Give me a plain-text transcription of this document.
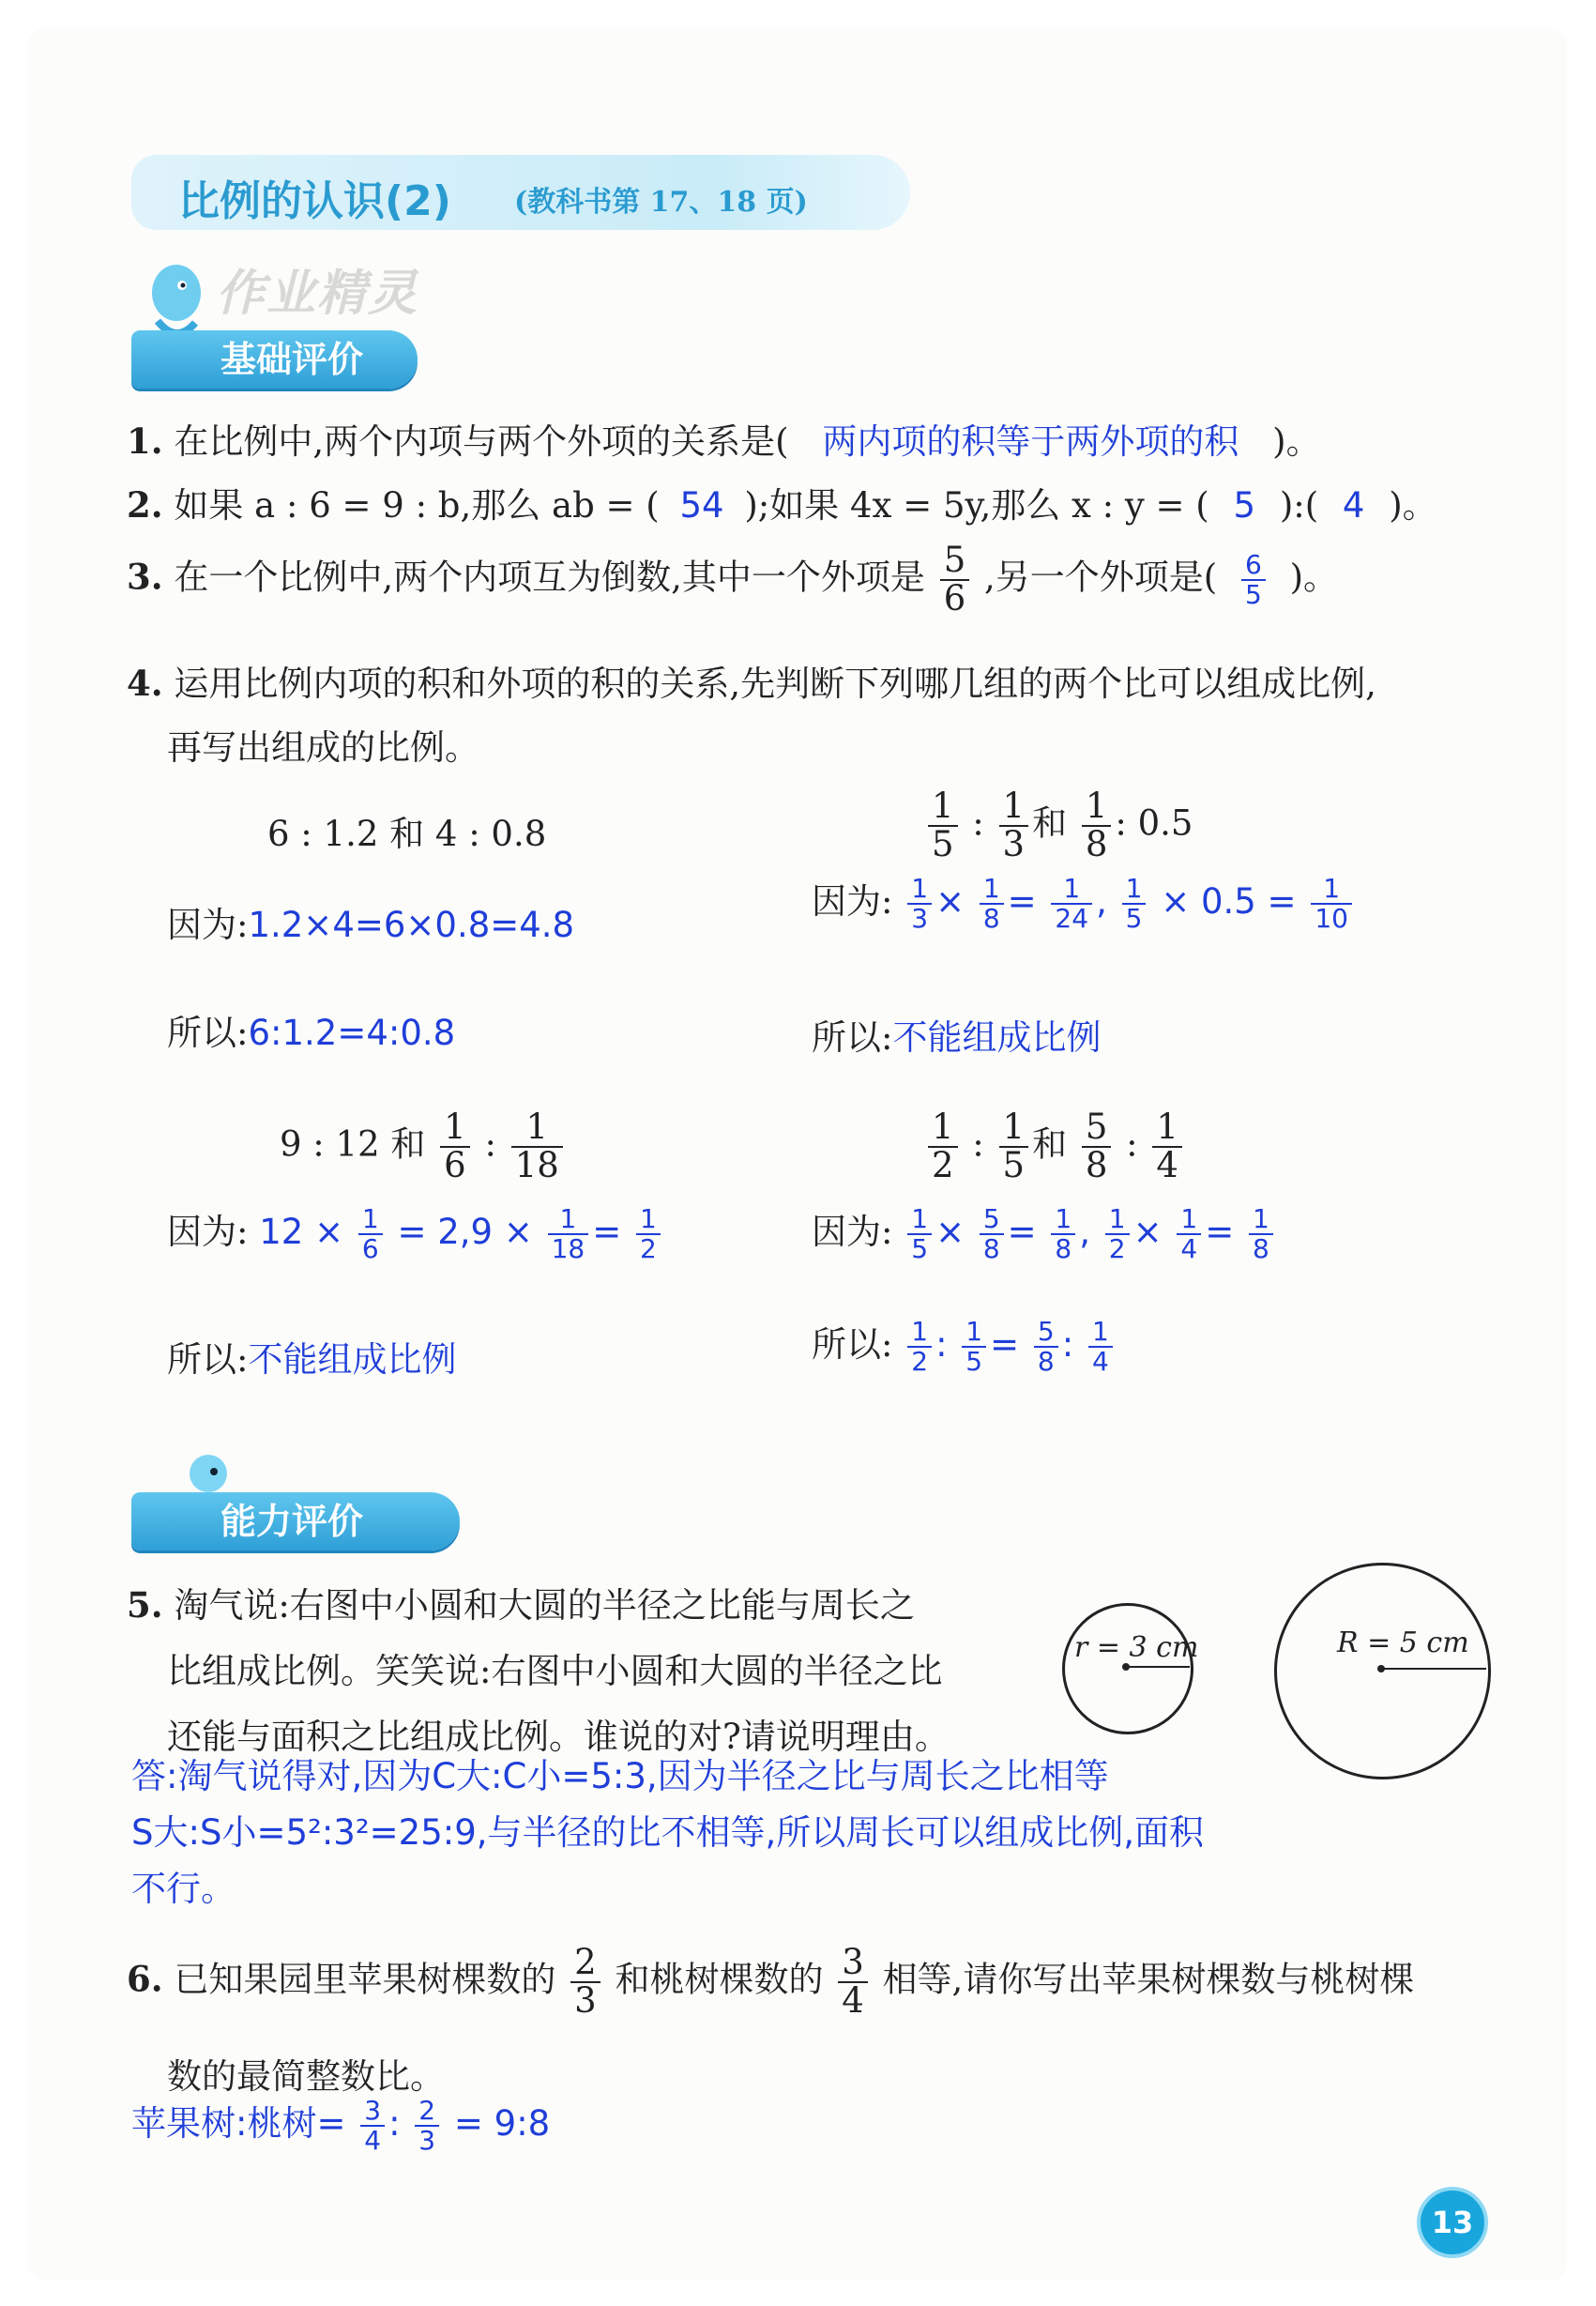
比例的认识(2) (教科书第 17、18 页)
作业精灵
基础评价
1. 在比例中,两个内项与两个外项的关系是( 两内项的积等于两外项的积 )。
2. 如果 a : 6 = 9 : b,那么 ab = ( 54 );如果 4x = 5y,那么 x : y = ( 5 ):( 4 )。
3. 在一个比例中,两个内项互为倒数,其中一个外项是 $\frac{5}{6}$ ,另一个外项是( $\frac{6}{5}$ )。
4. 运用比例内项的积和外项的积的关系,先判断下列哪几组的两个比可以组成比例,
再写出组成的比例。
6 : 1.2 和 4 : 0.8
因为:1.2×4=6×0.8=4.8
所以:6:1.2=4:0.8
$\frac{1}{5}$ : $\frac{1}{3}$ 和 $\frac{1}{8}$ : 0.5
因为: $\frac{1}{3} \times \frac{1}{8} = \frac{1}{24}$ , $\frac{1}{5} \times 0.5 = \frac{1}{10}$
所以:不能组成比例
9 : 12 和 $\frac{1}{6}$ : $\frac{1}{18}$
因为: $12 \times \frac{1}{6} = 2,9 \times \frac{1}{18} = \frac{1}{2}$
所以:不能组成比例
$\frac{1}{2}$ : $\frac{1}{5}$ 和 $\frac{5}{8}$ : $\frac{1}{4}$
因为: $\frac{1}{5} \times \frac{5}{8} = \frac{1}{8}$ , $\frac{1}{2} \times \frac{1}{4} = \frac{1}{8}$
所以: $\frac{1}{2}$ : $\frac{1}{5} = \frac{5}{8}$ : $\frac{1}{4}$
能力评价
5. 淘气说:右图中小圆和大圆的半径之比能与周长之
比组成比例。笑笑说:右图中小圆和大圆的半径之比
还能与面积之比组成比例。谁说的对?请说明理由。
r = 3 cm	R = 5 cm
答:淘气说得对,因为C大:C小=5:3,因为半径之比与周长之比相等
S大:S小=5²:3²=25:9,与半径的比不相等,所以周长可以组成比例,面积
不行。
6. 已知果园里苹果树棵数的 $\frac{2}{3}$ 和桃树棵数的 $\frac{3}{4}$ 相等,请你写出苹果树棵数与桃树棵
数的最简整数比。
苹果树:桃树= $\frac{3}{4}$ : $\frac{2}{3}$ = 9:8
13
